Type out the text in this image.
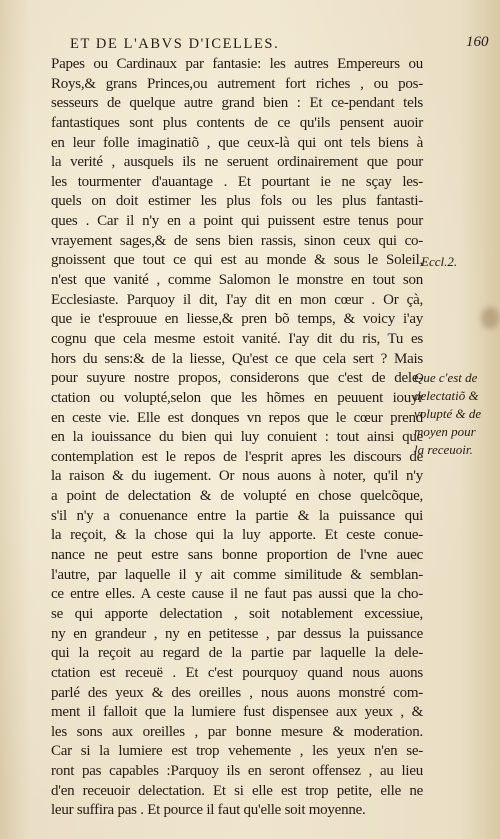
ET DE L'ABVS D'ICELLES.	160
Papes ou Cardinaux par fantasie: les autres Empereurs ou
Roys,& grans Princes,ou autrement fort riches , ou pos-
sesseurs de quelque autre grand bien : Et ce-pendant tels
fantastiques sont plus contents de ce qu'ils pensent auoir
en leur folle imaginatiõ , que ceux-là qui ont tels biens à
la verité , ausquels ils ne seruent ordinairement que pour
les tourmenter d'auantage . Et pourtant ie ne sçay les-
quels on doit estimer les plus fols ou les plus fantasti-
ques . Car il n'y en a point qui puissent estre tenus pour
vrayement sages,& de sens bien rassis, sinon ceux qui co-
gnoissent que tout ce qui est au monde & sous le Soleil,
n'est que vanité , comme Salomon le monstre en tout son
Ecclesiaste. Parquoy il dit, I'ay dit en mon cœur . Or çà,
que ie t'esprouue en liesse,& pren bõ temps, & voicy i'ay
cognu que cela mesme estoit vanité. I'ay dit du ris, Tu es
hors du sens:& de la liesse, Qu'est ce que cela sert ? Mais
pour suyure nostre propos, considerons que c'est de dele-
ctation ou volupté,selon que les hõmes en peuuent iouyr
en ceste vie. Elle est donques vn repos que le cœur prend
en la iouissance du bien qui luy conuient : tout ainsi que
contemplation est le repos de l'esprit apres les discours de
la raison & du iugement. Or nous auons à noter, qu'il n'y
a point de delectation & de volupté en chose quelcõque,
s'il n'y a conuenance entre la partie & la puissance qui
la reçoit, & la chose qui la luy apporte. Et ceste conue-
nance ne peut estre sans bonne proportion de l'vne auec
l'autre, par laquelle il y ait comme similitude & semblan-
ce entre elles. A ceste cause il ne faut pas aussi que la cho-
se qui apporte delectation , soit notablement excessiue,
ny en grandeur , ny en petitesse , par dessus la puissance
qui la reçoit au regard de la partie par laquelle la dele-
ctation est receuë . Et c'est pourquoy quand nous auons
parlé des yeux & des oreilles , nous auons monstré com-
ment il falloit que la lumiere fust dispensee aux yeux , &
les sons aux oreilles , par bonne mesure & moderation.
Car si la lumiere est trop vehemente , les yeux n'en se-
ront pas capables :Parquoy ils en seront offensez , au lieu
d'en receuoir delectation. Et si elle est trop petite, elle ne
leur suffira pas . Et pource il faut qu'elle soit moyenne.
Eccl.2.
Que c'est de
delectatiõ &
volupté & de
moyen pour
la receuoir.
